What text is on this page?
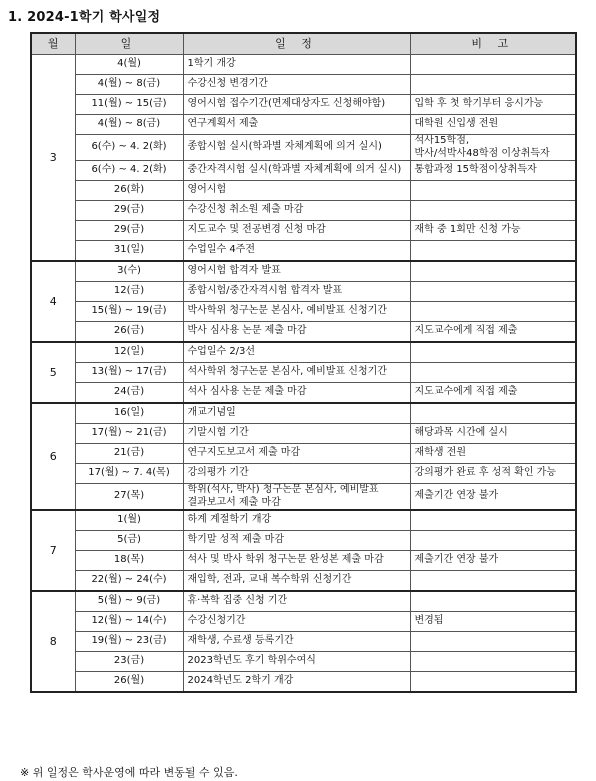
1. 2024-1학기 학사일정
월	일	일 정	비 고
3	4(월)	1학기 개강	
	4(월) ~ 8(금)	수강신청 변경기간	
	11(월) ~ 15(금)	영어시험 접수기간(면제대상자도 신청해야함)	입학 후 첫 학기부터 응시가능
	4(월) ~ 8(금)	연구계획서 제출	대학원 신입생 전원
	6(수) ~ 4. 2(화)	종합시험 실시(학과별 자체계획에 의거 실시)	석사15학점,
박사/석박사48학점 이상취득자
	6(수) ~ 4. 2(화)	중간자격시험 실시(학과별 자체계획에 의거 실시)	통합과정 15학점이상취득자
	26(화)	영어시험	
	29(금)	수강신청 취소원 제출 마감	
	29(금)	지도교수 및 전공변경 신청 마감	재학 중 1회만 신청 가능
	31(일)	수업일수 4주전	
4	3(수)	영어시험 합격자 발표	
	12(금)	종합시험/중간자격시험 합격자 발표	
	15(월) ~ 19(금)	박사학위 청구논문 본심사, 예비발표 신청기간	
	26(금)	박사 심사용 논문 제출 마감	지도교수에게 직접 제출
5	12(일)	수업일수 2/3선	
	13(월) ~ 17(금)	석사학위 청구논문 본심사, 예비발표 신청기간	
	24(금)	석사 심사용 논문 제출 마감	지도교수에게 직접 제출
6	16(일)	개교기념일	
	17(월) ~ 21(금)	기말시험 기간	해당과목 시간에 실시
	21(금)	연구지도보고서 제출 마감	재학생 전원
	17(월) ~ 7. 4(목)	강의평가 기간	강의평가 완료 후 성적 확인 가능
	27(목)	학위(석사, 박사) 청구논문 본심사, 예비발표
결과보고서 제출 마감	제출기간 연장 불가
7	1(월)	하계 계절학기 개강	
	5(금)	학기말 성적 제출 마감	
	18(목)	석사 및 박사 학위 청구논문 완성본 제출 마감	제출기간 연장 불가
	22(월) ~ 24(수)	재입학, 전과, 교내 복수학위 신청기간	
8	5(월) ~ 9(금)	휴·복학 집중 신청 기간	
	12(월) ~ 14(수)	수강신청기간	변경됨
	19(월) ~ 23(금)	재학생, 수료생 등록기간	
	23(금)	2023학년도 후기 학위수여식	
	26(월)	2024학년도 2학기 개강	
※ 위 일정은 학사운영에 따라 변동될 수 있음.
